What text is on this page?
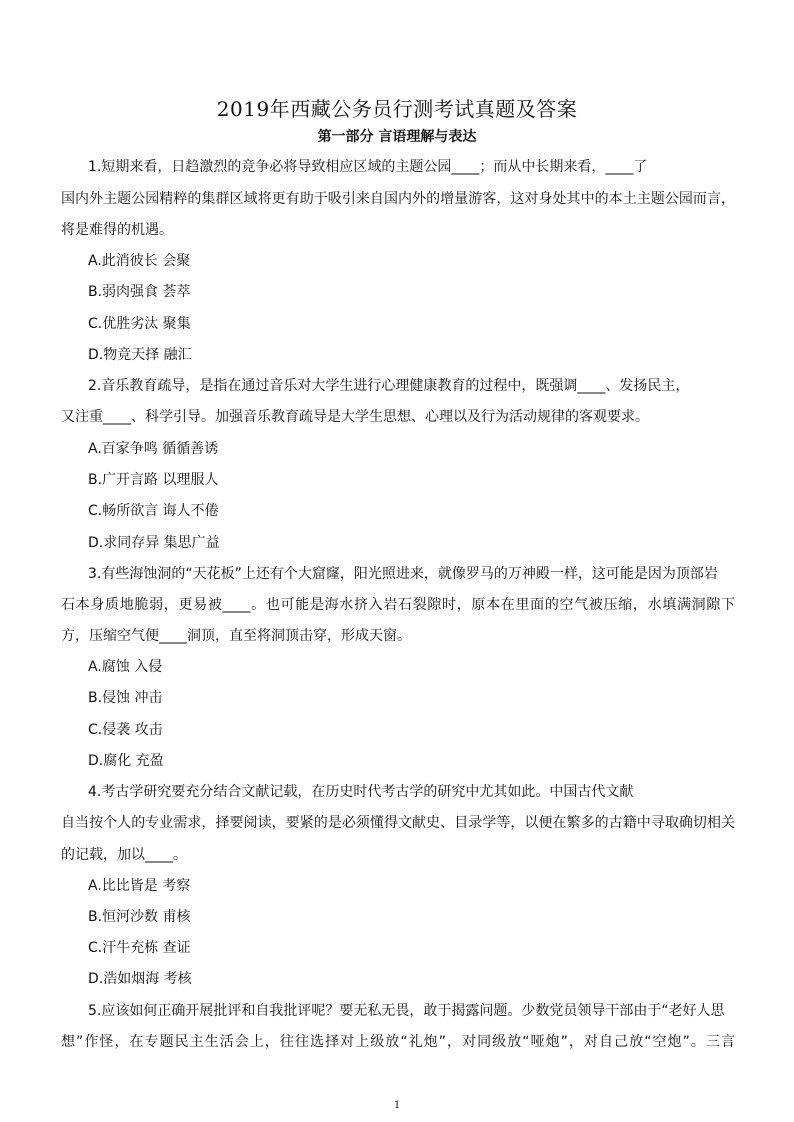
2019年西藏公务员行测考试真题及答案
第一部分 言语理解与表达
1.短期来看，日趋激烈的竞争必将导致相应区域的主题公园____；而从中长期来看，____了
国内外主题公园精粹的集群区域将更有助于吸引来自国内外的增量游客，这对身处其中的本土主题公园而言，
将是难得的机遇。
A.此消彼长 会聚
B.弱肉强食 荟萃
C.优胜劣汰 聚集
D.物竞天择 融汇
2.音乐教育疏导，是指在通过音乐对大学生进行心理健康教育的过程中，既强调____、发扬民主，
又注重____、科学引导。加强音乐教育疏导是大学生思想、心理以及行为活动规律的客观要求。
A.百家争鸣 循循善诱
B.广开言路 以理服人
C.畅所欲言 诲人不倦
D.求同存异 集思广益
3.有些海蚀洞的“天花板”上还有个大窟窿，阳光照进来，就像罗马的万神殿一样，这可能是因为顶部岩
石本身质地脆弱，更易被____。也可能是海水挤入岩石裂隙时，原本在里面的空气被压缩，水填满洞隙下
方，压缩空气便____洞顶，直至将洞顶击穿，形成天窗。
A.腐蚀 入侵
B.侵蚀 冲击
C.侵袭 攻击
D.腐化 充盈
4.考古学研究要充分结合文献记载，在历史时代考古学的研究中尤其如此。中国古代文献
自当按个人的专业需求，择要阅读，要紧的是必须懂得文献史、目录学等，以便在繁多的古籍中寻取确切相关
的记载，加以____。
A.比比皆是 考察
B.恒河沙数 甫核
C.汗牛充栋 查证
D.浩如烟海 考核
5.应该如何正确开展批评和自我批评呢？要无私无畏，敢于揭露问题。少数党员领导干部由于“老好人思
想”作怪，在专题民主生活会上，往往选择对上级放“礼炮”，对同级放“哑炮”，对自己放“空炮”。三言
1
